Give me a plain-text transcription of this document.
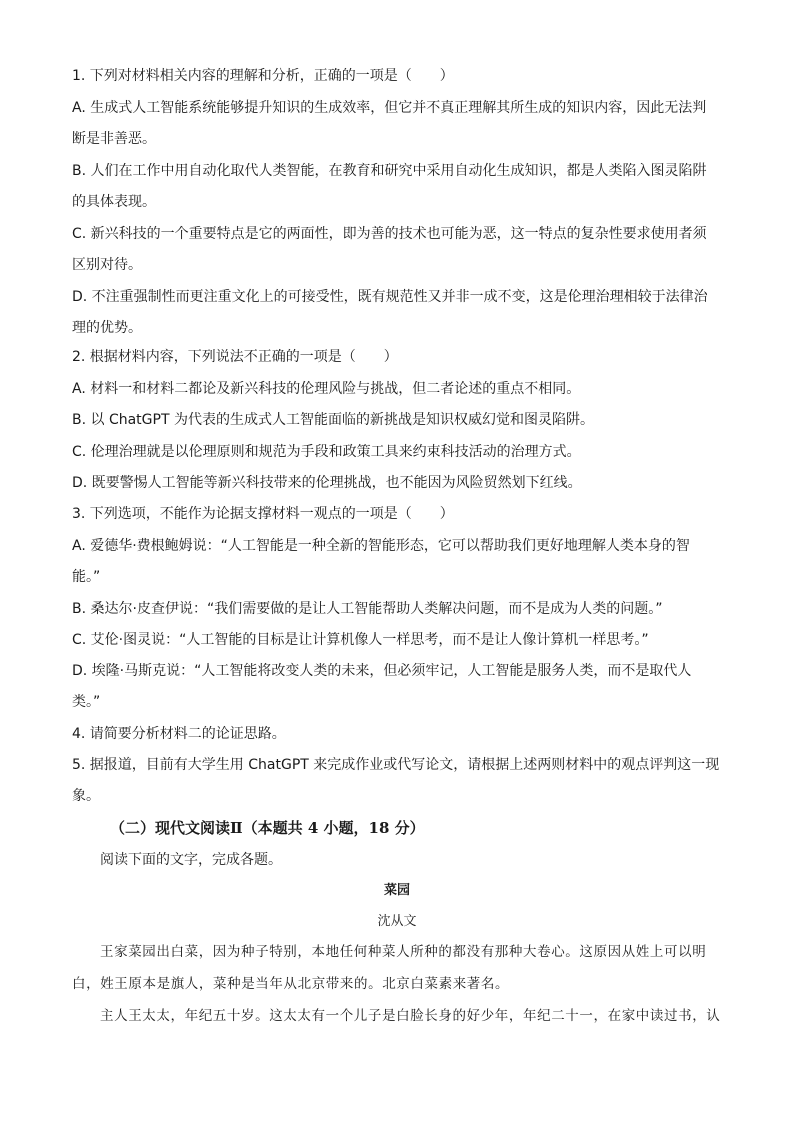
1. 下列对材料相关内容的理解和分析，正确的一项是（　　）
A. 生成式人工智能系统能够提升知识的生成效率，但它并不真正理解其所生成的知识内容，因此无法判
断是非善恶。
B. 人们在工作中用自动化取代人类智能，在教育和研究中采用自动化生成知识，都是人类陷入图灵陷阱
的具体表现。
C. 新兴科技的一个重要特点是它的两面性，即为善的技术也可能为恶，这一特点的复杂性要求使用者须
区别对待。
D. 不注重强制性而更注重文化上的可接受性，既有规范性又并非一成不变，这是伦理治理相较于法律治
理的优势。
2. 根据材料内容，下列说法不正确的一项是（　　）
A. 材料一和材料二都论及新兴科技的伦理风险与挑战，但二者论述的重点不相同。
B. 以 ChatGPT 为代表的生成式人工智能面临的新挑战是知识权威幻觉和图灵陷阱。
C. 伦理治理就是以伦理原则和规范为手段和政策工具来约束科技活动的治理方式。
D. 既要警惕人工智能等新兴科技带来的伦理挑战，也不能因为风险贸然划下红线。
3. 下列选项，不能作为论据支撑材料一观点的一项是（　　）
A. 爱德华·费根鲍姆说：“人工智能是一种全新的智能形态，它可以帮助我们更好地理解人类本身的智
能。”
B. 桑达尔·皮查伊说：“我们需要做的是让人工智能帮助人类解决问题，而不是成为人类的问题。”
C. 艾伦·图灵说：“人工智能的目标是让计算机像人一样思考，而不是让人像计算机一样思考。”
D. 埃隆·马斯克说：“人工智能将改变人类的未来，但必须牢记，人工智能是服务人类，而不是取代人
类。”
4. 请简要分析材料二的论证思路。
5. 据报道，目前有大学生用 ChatGPT 来完成作业或代写论文，请根据上述两则材料中的观点评判这一现
象。
（二）现代文阅读Ⅱ（本题共 4 小题，18 分）
阅读下面的文字，完成各题。
菜园
沈从文
王家菜园出白菜，因为种子特别，本地任何种菜人所种的都没有那种大卷心。这原因从姓上可以明
白，姓王原本是旗人，菜种是当年从北京带来的。北京白菜素来著名。
主人王太太，年纪五十岁。这太太有一个儿子是白脸长身的好少年，年纪二十一，在家中读过书，认
